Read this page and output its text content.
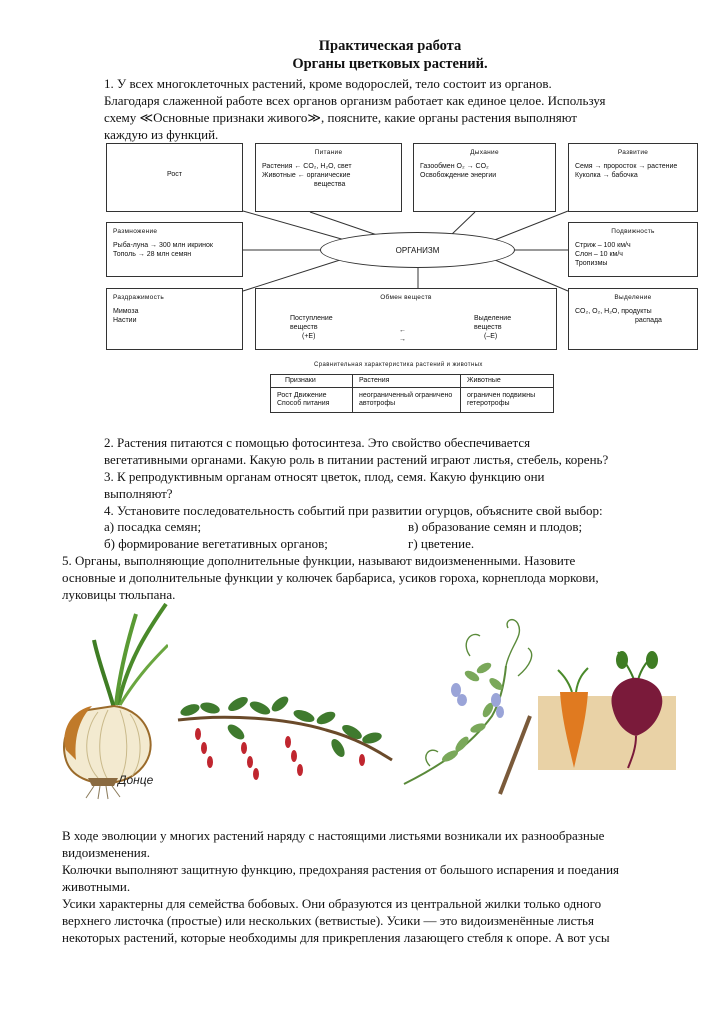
Практическая работа
Органы цветковых растений.
1. У всех многоклеточных растений, кроме водорослей, тело состоит из органов.
Благодаря слаженной работе всех органов организм работает как единое целое. Используя
схему ≪Основные признаки живого≫, поясните, какие органы растения выполняют
каждую из функций.
Рост
Питание
Растения ← CO₂, H₂O, свет
Животные ← органические
вещества
Дыхание
Газообмен O₂ → CO₂
Освобождение энергии
Развитие
Семя → проросток → растение
Куколка → бабочка
Размножение
Рыба-луна → 300 млн икринок
Тополь → 28 млн семян	ОРГАНИЗМ
Подвижность
Стриж – 100 км/ч
Слон – 10 км/ч
Тропизмы
Раздражимость
Мимоза
Настии
Обмен веществ
Поступление
веществ
(+E)
←
→
Выделение
веществ
(–E)
Выделение
CO₂, O₂, H₂O, продукты
распада
Сравнительная характеристика растений и животных
Признаки	Растения	Животные
Рост Движение Способ питания	неограниченный ограничено автотрофы	ограничен подвижны гетеротрофы
2. Растения питаются с помощью фотосинтеза. Это свойство обеспечивается
вегетативными органами. Какую роль в питании растений играют листья, стебель, корень?
3. К репродуктивным органам относят цветок, плод, семя. Какую функцию они
выполняют?
4. Установите последовательность событий при развитии огурцов, объясните свой выбор:
а) посадка семян;	в) образование семян и плодов;
б) формирование вегетативных органов;	г) цветение.
5. Органы, выполняющие дополнительные функции, называют видоизмененными. Назовите
основные и дополнительные функции у колючек барбариса, усиков гороха, корнеплода моркови,
луковицы тюльпана.
Донце
В ходе эволюции у многих растений наряду с настоящими листьями возникали их разнообразные
видоизменения.
Колючки выполняют защитную функцию, предохраняя растения от большого испарения и поедания
животными.
Усики характерны для семейства бобовых. Они образуются из центральной жилки только одного
верхнего листочка (простые) или нескольких (ветвистые). Усики — это видоизменённые листья
некоторых растений, которые необходимы для прикрепления лазающего стебля к опоре. А вот усы
